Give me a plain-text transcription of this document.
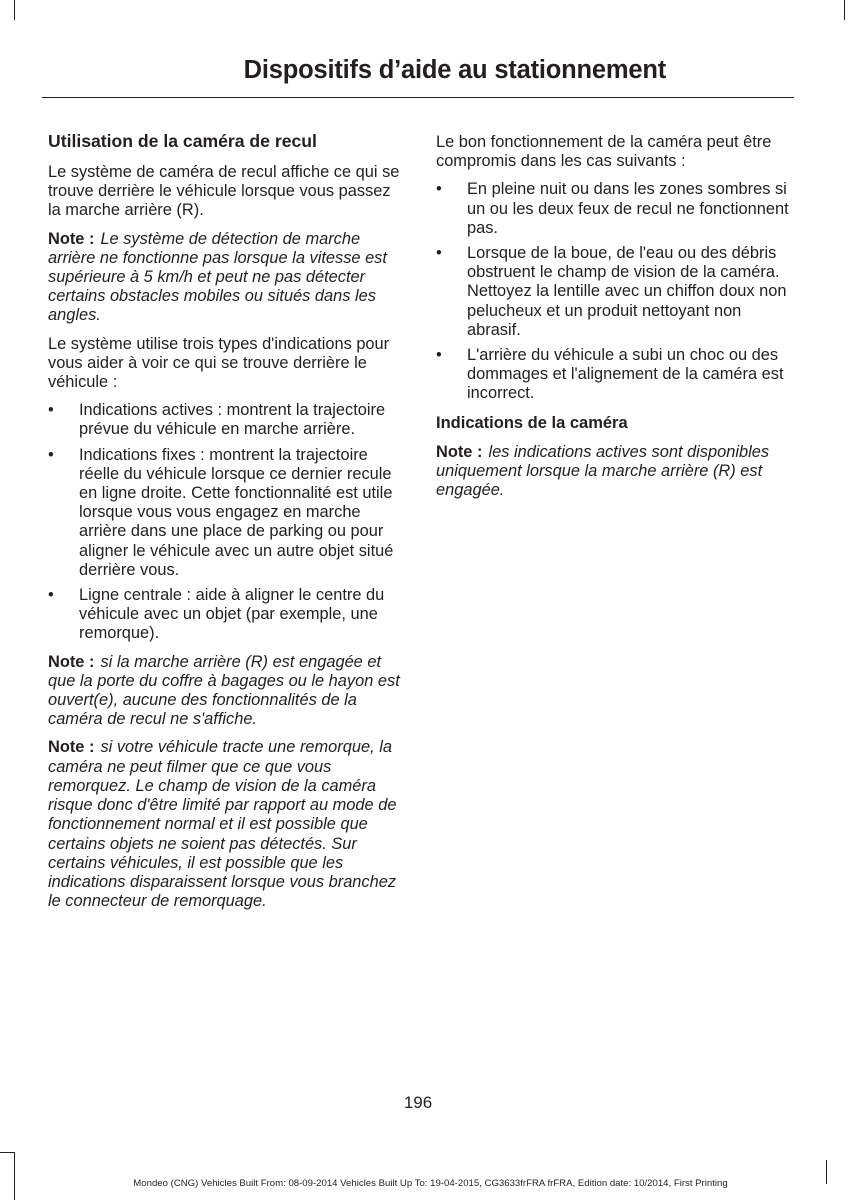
Dispositifs d’aide au stationnement
Utilisation de la caméra de recul

Le système de caméra de recul affiche ce qui se trouve derrière le véhicule lorsque vous passez la marche arrière (R).

Note : Le système de détection de marche arrière ne fonctionne pas lorsque la vitesse est supérieure à 5 km/h et peut ne pas détecter certains obstacles mobiles ou situés dans les angles.

Le système utilise trois types d'indications pour vous aider à voir ce qui se trouve derrière le véhicule :

• Indications actives : montrent la trajectoire prévue du véhicule en marche arrière.
• Indications fixes : montrent la trajectoire réelle du véhicule lorsque ce dernier recule en ligne droite. Cette fonctionnalité est utile lorsque vous vous engagez en marche arrière dans une place de parking ou pour aligner le véhicule avec un autre objet situé derrière vous.
• Ligne centrale : aide à aligner le centre du véhicule avec un objet (par exemple, une remorque).

Note : si la marche arrière (R) est engagée et que la porte du coffre à bagages ou le hayon est ouvert(e), aucune des fonctionnalités de la caméra de recul ne s'affiche.

Note : si votre véhicule tracte une remorque, la caméra ne peut filmer que ce que vous remorquez. Le champ de vision de la caméra risque donc d'être limité par rapport au mode de fonctionnement normal et il est possible que certains objets ne soient pas détectés. Sur certains véhicules, il est possible que les indications disparaissent lorsque vous branchez le connecteur de remorquage.

Le bon fonctionnement de la caméra peut être compromis dans les cas suivants :

• En pleine nuit ou dans les zones sombres si un ou les deux feux de recul ne fonctionnent pas.
• Lorsque de la boue, de l'eau ou des débris obstruent le champ de vision de la caméra. Nettoyez la lentille avec un chiffon doux non pelucheux et un produit nettoyant non abrasif.
• L'arrière du véhicule a subi un choc ou des dommages et l'alignement de la caméra est incorrect.
Indications de la caméra

Note : les indications actives sont disponibles uniquement lorsque la marche arrière (R) est engagée.

196
Mondeo (CNG) Vehicles Built From: 08-09-2014 Vehicles Built Up To: 19-04-2015, CG3633frFRA frFRA, Edition date: 10/2014, First Printing
